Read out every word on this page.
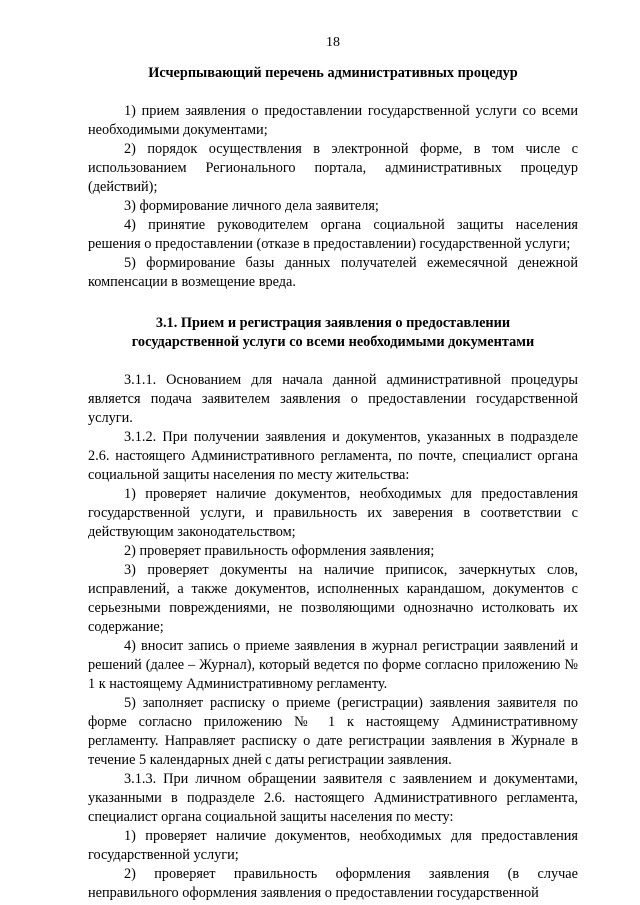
18
Исчерпывающий перечень административных процедур

1) прием заявления о предоставлении государственной услуги со всеми необходимыми документами;

2) порядок осуществления в электронной форме, в том числе с использованием Регионального портала, административных процедур (действий);

3) формирование личного дела заявителя;

4) принятие руководителем органа социальной защиты населения решения о предоставлении (отказе в предоставлении) государственной услуги;

5) формирование базы данных получателей ежемесячной денежной компенсации в возмещение вреда.

3.1. Прием и регистрация заявления о предоставлении
государственной услуги со всеми необходимыми документами

3.1.1. Основанием для начала данной административной процедуры является подача заявителем заявления о предоставлении государственной услуги.

3.1.2. При получении заявления и документов, указанных в подразделе 2.6. настоящего Административного регламента, по почте, специалист органа социальной защиты населения по месту жительства:

1) проверяет наличие документов, необходимых для предоставления государственной услуги, и правильность их заверения в соответствии с действующим законодательством;

2) проверяет правильность оформления заявления;

3) проверяет документы на наличие приписок, зачеркнутых слов, исправлений, а также документов, исполненных карандашом, документов с серьезными повреждениями, не позволяющими однозначно истолковать их содержание;

4) вносит запись о приеме заявления в журнал регистрации заявлений и решений (далее – Журнал), который ведется по форме согласно приложению № 1 к настоящему Административному регламенту.

5) заполняет расписку о приеме (регистрации) заявления заявителя по форме согласно приложению № 1 к настоящему Административному регламенту. Направляет расписку о дате регистрации заявления в Журнале в течение 5 календарных дней с даты регистрации заявления.

3.1.3. При личном обращении заявителя с заявлением и документами, указанными в подразделе 2.6. настоящего Административного регламента, специалист органа социальной защиты населения по месту:

1) проверяет наличие документов, необходимых для предоставления государственной услуги;

2) проверяет правильность оформления заявления (в случае неправильного оформления заявления о предоставлении государственной
